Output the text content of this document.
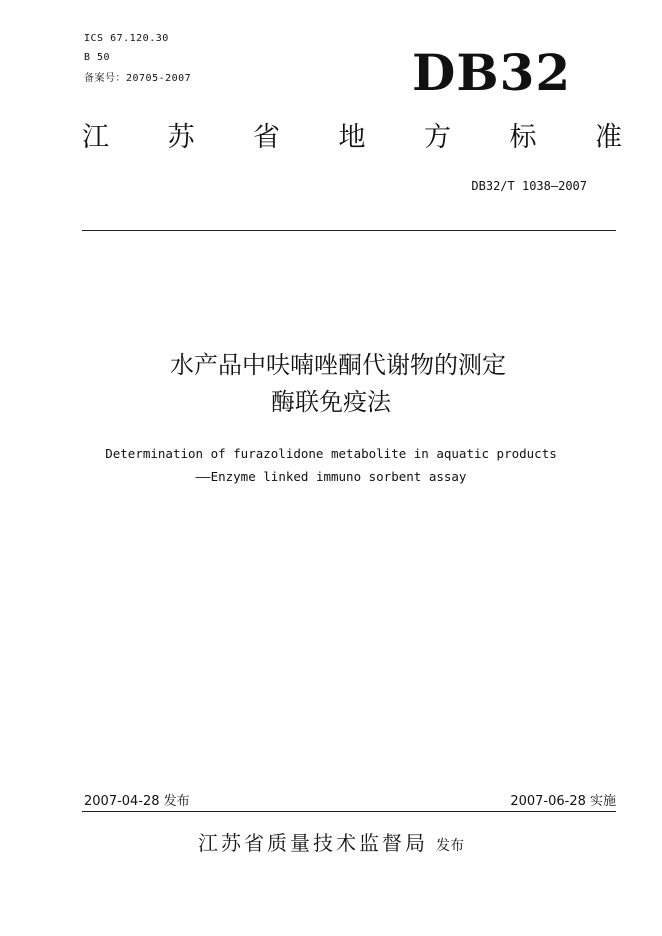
ICS 67.120.30
B 50
备案号：20705-2007	DB32
江 苏 省 地 方 标 准
DB32/T 1038—2007
水产品中呋喃唑酮代谢物的测定
酶联免疫法
Determination of furazolidone metabolite in aquatic products
——Enzyme linked immuno sorbent assay
2007-04-28 发布	2007-06-28 实施
江苏省质量技术监督局 发布
